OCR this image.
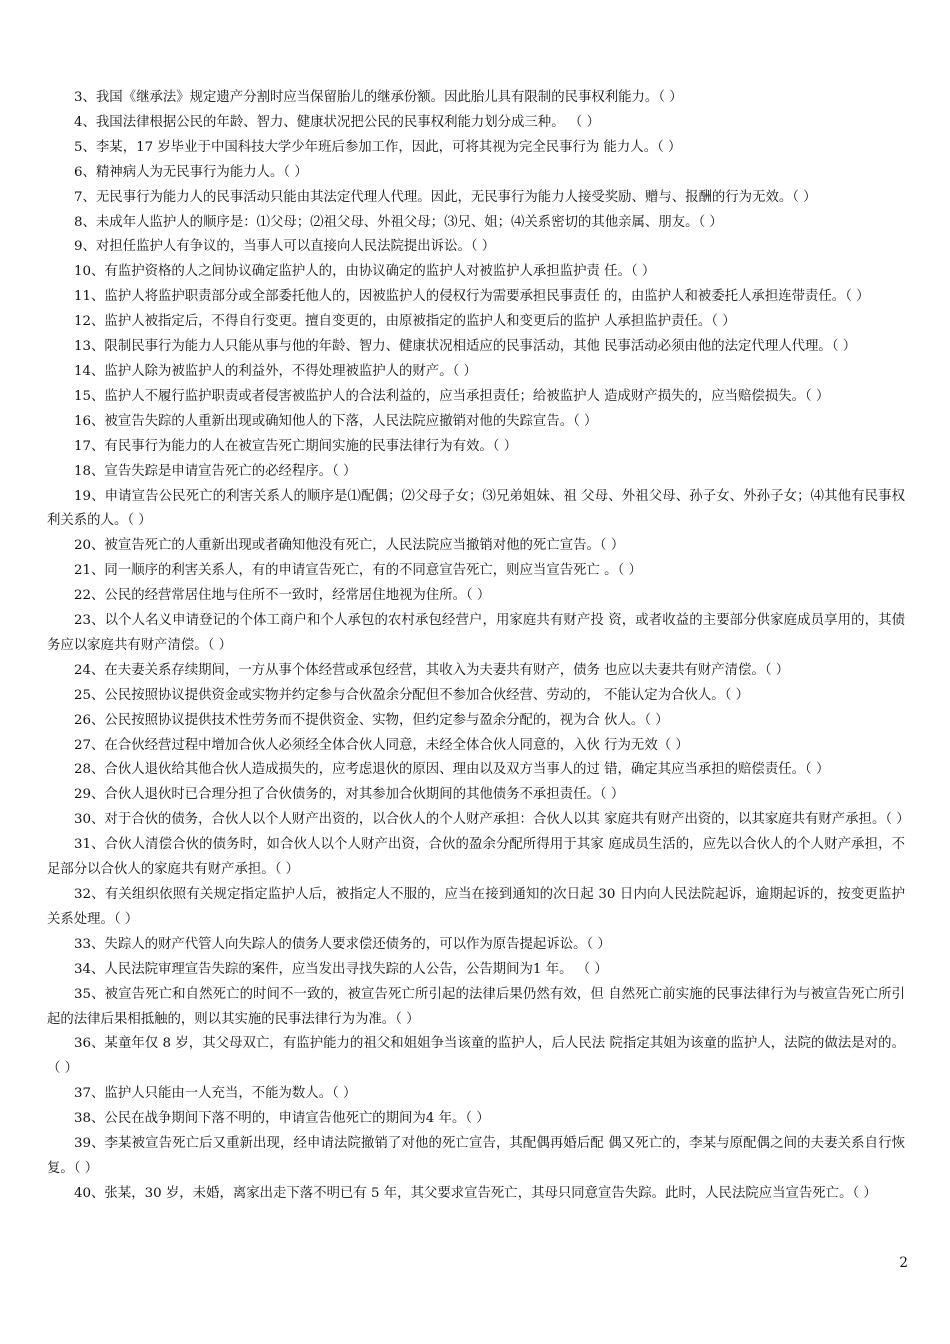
3、我国《继承法》规定遗产分割时应当保留胎儿的继承份额。因此胎儿具有限制的民事权利能力。（ ）

4、我国法律根据公民的年龄、智力、健康状况把公民的民事权利能力划分成三种。 （ ）

5、李某，17 岁毕业于中国科技大学少年班后参加工作，因此，可将其视为完全民事行为 能力人。（ ）

6、精神病人为无民事行为能力人。（ ）

7、无民事行为能力人的民事活动只能由其法定代理人代理。因此，无民事行为能力人接受奖励、赠与、报酬的行为无效。（ ）

8、未成年人监护人的顺序是：⑴父母；⑵祖父母、外祖父母；⑶兄、姐；⑷关系密切的其他亲属、朋友。（ ）

9、对担任监护人有争议的，当事人可以直接向人民法院提出诉讼。（ ）

10、有监护资格的人之间协议确定监护人的，由协议确定的监护人对被监护人承担监护责 任。（ ）

11、监护人将监护职责部分或全部委托他人的，因被监护人的侵权行为需要承担民事责任 的，由监护人和被委托人承担连带责任。（ ）

12、监护人被指定后，不得自行变更。擅自变更的，由原被指定的监护人和变更后的监护 人承担监护责任。（ ）

13、限制民事行为能力人只能从事与他的年龄、智力、健康状况相适应的民事活动，其他 民事活动必须由他的法定代理人代理。（ ）

14、监护人除为被监护人的利益外，不得处理被监护人的财产。（ ）

15、监护人不履行监护职责或者侵害被监护人的合法利益的，应当承担责任；给被监护人 造成财产损失的，应当赔偿损失。（ ）

16、被宣告失踪的人重新出现或确知他人的下落，人民法院应撤销对他的失踪宣告。（ ）

17、有民事行为能力的人在被宣告死亡期间实施的民事法律行为有效。（ ）

18、宣告失踪是申请宣告死亡的必经程序。（ ）

19、申请宣告公民死亡的利害关系人的顺序是⑴配偶；⑵父母子女；⑶兄弟姐妹、祖 父母、外祖父母、孙子女、外孙子女；⑷其他有民事权利关系的人。（ ）

20、被宣告死亡的人重新出现或者确知他没有死亡，人民法院应当撤销对他的死亡宣告。（ ）

21、同一顺序的利害关系人，有的申请宣告死亡，有的不同意宣告死亡，则应当宣告死亡 。（ ）

22、公民的经营常居住地与住所不一致时，经常居住地视为住所。（ ）

23、以个人名义申请登记的个体工商户和个人承包的农村承包经营户，用家庭共有财产投 资，或者收益的主要部分供家庭成员享用的，其债务应以家庭共有财产清偿。（ ）

24、在夫妻关系存续期间，一方从事个体经营或承包经营，其收入为夫妻共有财产，债务 也应以夫妻共有财产清偿。（ ）

25、公民按照协议提供资金或实物并约定参与合伙盈余分配但不参加合伙经营、劳动的， 不能认定为合伙人。（ ）

26、公民按照协议提供技术性劳务而不提供资金、实物，但约定参与盈余分配的，视为合 伙人。（ ）

27、在合伙经营过程中增加合伙人必须经全体合伙人同意，未经全体合伙人同意的，入伙 行为无效（ ）

28、合伙人退伙给其他合伙人造成损失的，应考虑退伙的原因、理由以及双方当事人的过 错，确定其应当承担的赔偿责任。（ ）

29、合伙人退伙时已合理分担了合伙债务的，对其参加合伙期间的其他债务不承担责任。（ ）

30、对于合伙的债务，合伙人以个人财产出资的，以合伙人的个人财产承担：合伙人以其 家庭共有财产出资的，以其家庭共有财产承担。（ ）

31、合伙人清偿合伙的债务时，如合伙人以个人财产出资，合伙的盈余分配所得用于其家 庭成员生活的，应先以合伙人的个人财产承担，不足部分以合伙人的家庭共有财产承担。（ ）

32、有关组织依照有关规定指定监护人后，被指定人不服的，应当在接到通知的次日起 30 日内向人民法院起诉，逾期起诉的，按变更监护关系处理。（ ）

33、失踪人的财产代管人向失踪人的债务人要求偿还债务的，可以作为原告提起诉讼。（ ）

34、人民法院审理宣告失踪的案件，应当发出寻找失踪的人公告，公告期间为1 年。 （ ）

35、被宣告死亡和自然死亡的时间不一致的，被宣告死亡所引起的法律后果仍然有效，但 自然死亡前实施的民事法律行为与被宣告死亡所引起的法律后果相抵触的，则以其实施的民事法律行为为准。（ ）

36、某童年仅 8 岁，其父母双亡，有监护能力的祖父和姐姐争当该童的监护人，后人民法 院指定其姐为该童的监护人，法院的做法是对的。（ ）

37、监护人只能由一人充当，不能为数人。（ ）

38、公民在战争期间下落不明的，申请宣告他死亡的期间为4 年。（ ）

39、李某被宣告死亡后又重新出现，经申请法院撤销了对他的死亡宣告，其配偶再婚后配 偶又死亡的，李某与原配偶之间的夫妻关系自行恢复。（ ）

40、张某，30 岁，未婚，离家出走下落不明已有 5 年，其父要求宣告死亡，其母只同意宣告失踪。此时，人民法院应当宣告死亡。（ ）

2
